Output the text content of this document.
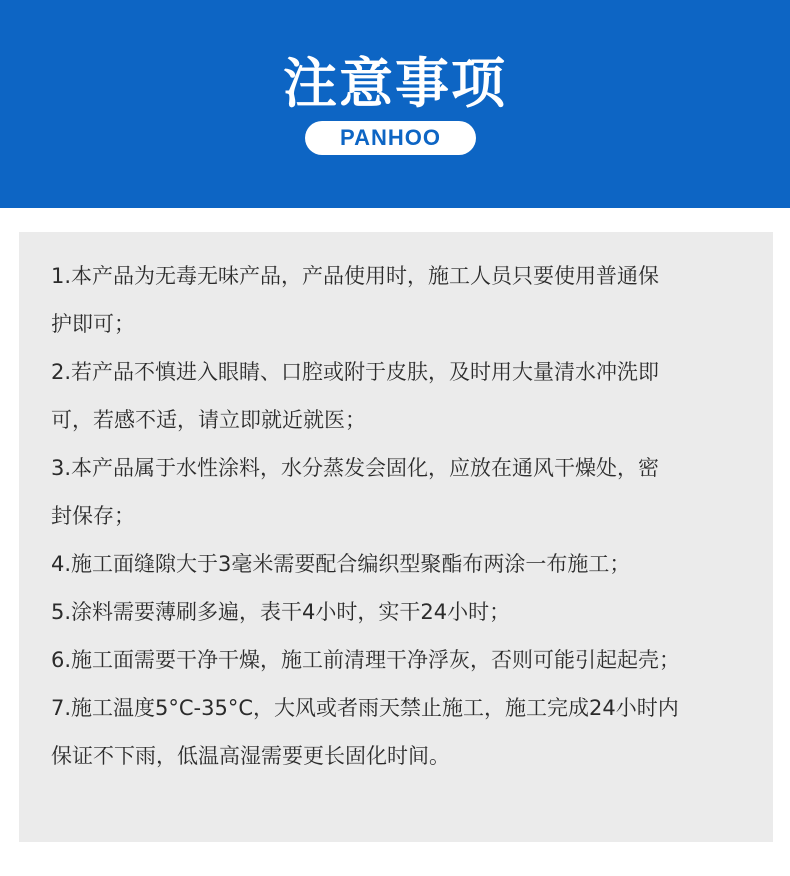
注意事项
PANHOO
1.本产品为无毒无味产品，产品使用时，施工人员只要使用普通保
护即可；
2.若产品不慎进入眼睛、口腔或附于皮肤，及时用大量清水冲洗即
可，若感不适，请立即就近就医；
3.本产品属于水性涂料，水分蒸发会固化，应放在通风干燥处，密
封保存；
4.施工面缝隙大于3毫米需要配合编织型聚酯布两涂一布施工；
5.涂料需要薄刷多遍，表干4小时，实干24小时；
6.施工面需要干净干燥，施工前清理干净浮灰，否则可能引起起壳；
7.施工温度5°C-35°C，大风或者雨天禁止施工，施工完成24小时内
保证不下雨，低温高湿需要更长固化时间。
